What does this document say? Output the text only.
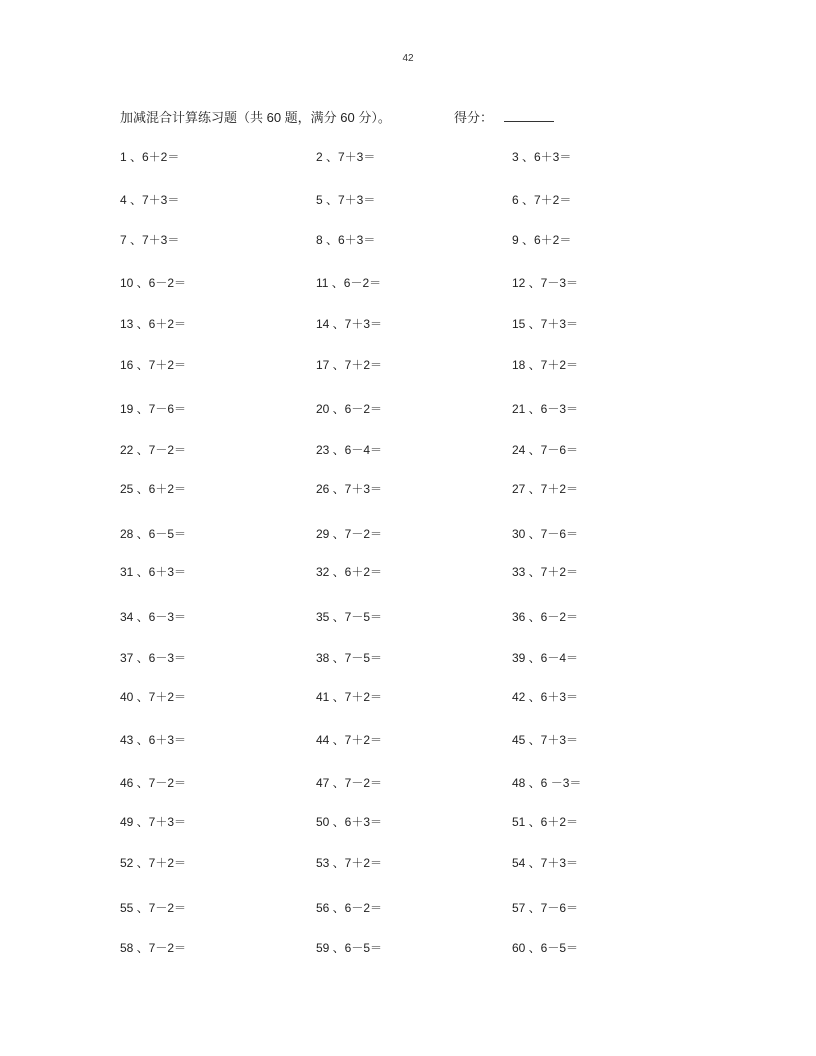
42
加减混合计算练习题（共 60 题，满分 60 分）。	得分：
1 、6＋2＝	2 、7＋3＝	3 、6＋3＝
4 、7＋3＝	5 、7＋3＝	6 、7＋2＝
7 、7＋3＝	8 、6＋3＝	9 、6＋2＝
10 、6－2＝	11 、6－2＝	12 、7－3＝
13 、6＋2＝	14 、7＋3＝	15 、7＋3＝
16 、7＋2＝	17 、7＋2＝	18 、7＋2＝
19 、7－6＝	20 、6－2＝	21 、6－3＝
22 、7－2＝	23 、6－4＝	24 、7－6＝
25 、6＋2＝	26 、7＋3＝	27 、7＋2＝
28 、6－5＝	29 、7－2＝	30 、7－6＝
31 、6＋3＝	32 、6＋2＝	33 、7＋2＝
34 、6－3＝	35 、7－5＝	36 、6－2＝
37 、6－3＝	38 、7－5＝	39 、6－4＝
40 、7＋2＝	41 、7＋2＝	42 、6＋3＝
43 、6＋3＝	44 、7＋2＝	45 、7＋3＝
46 、7－2＝	47 、7－2＝	48 、6 －3＝
49 、7＋3＝	50 、6＋3＝	51 、6＋2＝
52 、7＋2＝	53 、7＋2＝	54 、7＋3＝
55 、7－2＝	56 、6－2＝	57 、7－6＝
58 、7－2＝	59 、6－5＝	60 、6－5＝
